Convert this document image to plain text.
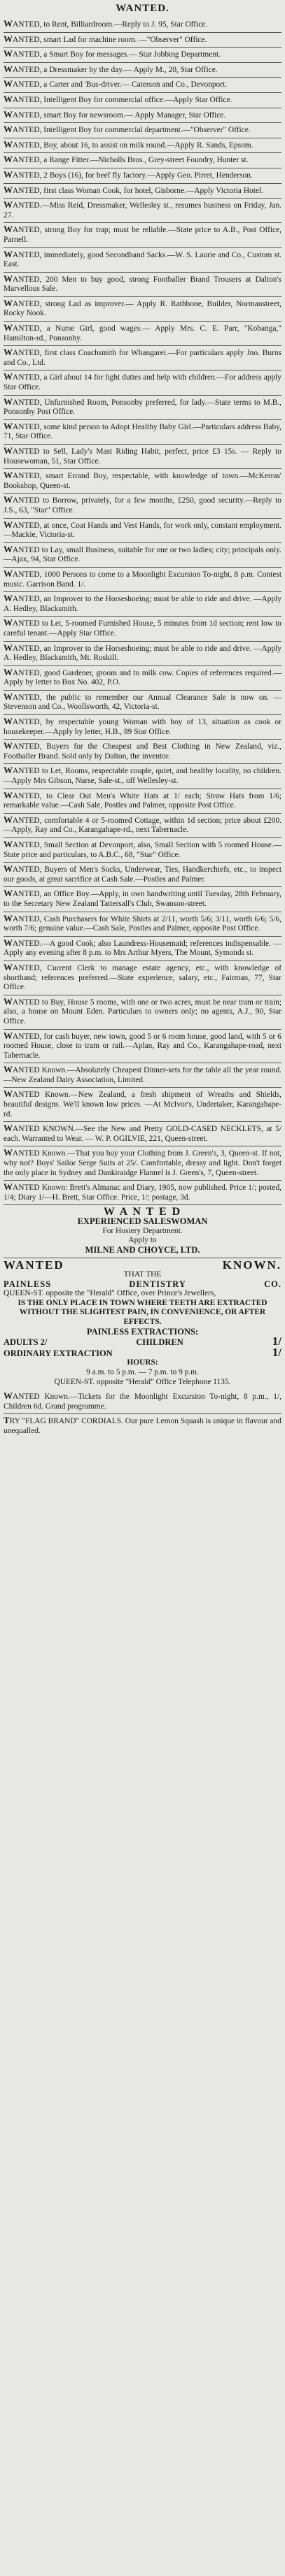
WANTED.
WANTED, to Rent, Billiardroom.—Reply to J. 95, Star Office.
WANTED, smart Lad for machine room. —"Observer" Office.
WANTED, a Smart Boy for messages.— Star Jobbing Department.
WANTED, a Dressmaker by the day.— Apply M., 20, Star Office.
WANTED, a Carter and 'Bus-driver.— Caterson and Co., Devonport.
WANTED, Intelligent Boy for commercial office.—Apply Star Office.
WANTED, smart Boy for newsroom.— Apply Manager, Star Office.
WANTED, Intelligent Boy for commercial department.—"Observer" Office.
WANTED, Boy, about 16, to assist on milk round.—Apply R. Sands, Epsom.
WANTED, a Range Fitter.—Nicholls Bros., Grey-street Foundry, Hunter st.
WANTED, 2 Boys (16), for beef fly factory.—Apply Geo. Pirret, Henderson.
WANTED, first class Woman Cook, for hotel, Gisborne.—Apply Victoria Hotel.
WANTED.—Miss Reid, Dressmaker, Wellesley st., resumes business on Friday, Jan. 27.
WANTED, strong Boy for trap; must be reliable.—State price to A.B., Post Office, Parnell.
WANTED, immediately, good Secondhand Sacks.—W. S. Laurie and Co., Custom st. East.
WANTED, 200 Men to buy good, strong Footballer Brand Trousers at Dalton's Marvellous Sale.
WANTED, strong Lad as improver.— Apply R. Rathbone, Builder, Normanstreet, Rocky Nook.
WANTED, a Nurse Girl, good wages.— Apply Mrs. C. E. Parr, "Kobanga," Hamilton-rd., Ponsonby.
WANTED, first class Coachsmith for Whangarei.—For particulars apply Jno. Burns and Co., Ltd.
WANTED, a Girl about 14 for light duties and help with children.—For address apply Star Office.
WANTED, Unfurnished Room, Ponsonby preferred, for lady.—State terms to M.B., Ponsonby Post Office.
WANTED, some kind person to Adopt Healthy Baby Girl.—Particulars address Baby, 71, Star Office.
WANTED to Sell, Lady's Mast Riding Habit, perfect, price £3 15s. — Reply to Housewoman, 51, Star Office.
WANTED, smart Errand Boy, respectable, with knowledge of town.—McKerras' Bookshop, Queen-st.
WANTED to Borrow, privately, for a few months, £250, good security.—Reply to J.S., 63, "Star" Office.
WANTED, at once, Coat Hands and Vest Hands, for work only, constant employment.—Mackie, Victoria-st.
WANTED to Lay, small Business, suitable for one or two ladies; city; principals only.—Ajax, 94, Star Office.
WANTED, 1000 Persons to come to a Moonlight Excursion To-night, 8 p.m. Contest music. Garrison Band. 1/.
WANTED, an Improver to the Horseshoeing; must be able to ride and drive. —Apply A. Hedley, Blacksmith.
WANTED to Let, 5-roomed Furnished House, 5 minutes from 1d section; rent low to careful tenant.—Apply Star Office.
WANTED, an Improver to the Horseshoeing; must be able to ride and drive. —Apply A. Hedley, Blacksmith, Mt. Roskill.
WANTED, good Gardener, groom and to milk cow. Copies of references required.—Apply by letter to Box No. 402, P.O.
WANTED, the public to remember our Annual Clearance Sale is now on. —Stevenson and Co., Woollsworth, 42, Victoria-st.
WANTED, by respectable young Woman with boy of 13, situation as cook or housekeeper.—Apply by letter, H.B., 89 Star Office.
WANTED, Buyers for the Cheapest and Best Clothing in New Zealand, viz., Footballer Brand. Sold only by Dalton, the inventor.
WANTED to Let, Rooms, respectable couple, quiet, and healthy locality, no children.—Apply Mrs Gibson, Nurse, Sale-st., off Wellesley-st.
WANTED, to Clear Out Men's White Hats at 1/ each; Straw Hats from 1/6; remarkable value.—Cash Sale, Postles and Palmer, opposite Post Office.
WANTED, comfortable 4 or 5-roomed Cottage, within 1d section; price about £200.—Apply, Ray and Co., Karangahape-rd., next Tabernacle.
WANTED, Small Section at Devonport, also, Small Section with 5 roomed House.—State price and particulars, to A.B.C., 68, "Star" Office.
WANTED, Buyers of Men's Socks, Underwear, Ties, Handkerchiefs, etc., to inspect our goods, at great sacrifice at Cash Sale.—Postles and Palmer.
WANTED, an Office Boy.—Apply, in own handwriting until Tuesday, 28th February, to the Secretary New Zealand Tattersall's Club, Swanson-street.
WANTED, Cash Purchasers for White Shirts at 2/11, worth 5/6; 3/11, worth 6/6; 5/6, worth 7/6; genuine value.—Cash Sale, Postles and Palmer, opposite Post Office.
WANTED.—A good Cook; also Laundress-Housemaid; references indispensable. —Apply any evening after 8 p.m. to Mrs Arthur Myers, The Mount, Symonds st.
WANTED, Current Clerk to manage estate agency, etc., with knowledge of shorthand; references preferred.—State experience, salary, etc., Fairman, 77, Star Office.
WANTED to Buy, House 5 rooms, with one or two acres, must be near tram or train; also, a house on Mount Eden. Particulars to owners only; no agents, A.J., 90, Star Office.
WANTED, for cash buyer, new town, good 5 or 6 room house, good land, with 5 or 6 roomed House, close to tram or rail.—Aplan, Ray and Co., Karangahape-road, next Tabernacle.
WANTED Known.—Absolutely Cheapest Dinner-sets for the table all the year round.—New Zealand Dairy Association, Limited.
WANTED Known.—New Zealand, a fresh shipment of Wreaths and Shields, beautiful designs. We'll known low prices. —At McIvor's, Undertaker, Karangahape-rd.
WANTED KNOWN.—See the New and Pretty GOLD-CASED NECKLETS, at 5/ each. Warranted to Wear. — W. P. OGILVIE, 221, Queen-street.
WANTED Known.—That you buy your Clothing from J. Green's, 3, Queen-st. If not, why not? Boys' Sailor Serge Suits at 25/. Comfortable, dressy and light. Don't forget the only place in Sydney and Dankiraidge Flannel is J. Green's, 7, Queen-street.
WANTED Known: Brett's Almanac and Diary, 1905, now published. Price 1/; posted, 1/4; Diary 1/—H. Brett, Star Office. Price, 1/; postage, 3d.
W A N T E D
EXPERIENCED SALESWOMAN
For Hosiery Department.
Apply to
MILNE AND CHOYCE, LTD.
WANTED	KNOWN.
THAT THE
PAINLESS	DENTISTRY	CO.
QUEEN-ST. opposite the "Herald" Office, over Prince's Jewellers,
IS THE ONLY PLACE IN TOWN WHERE TEETH ARE EXTRACTED WITHOUT THE SLIGHTEST PAIN, IN CONVENIENCE, OR AFTER EFFECTS.
PAINLESS EXTRACTIONS:
ADULTS 2/	CHILDREN	1/
ORDINARY EXTRACTION	1/
HOURS:
9 a.m. to 5 p.m. — 7 p.m. to 9 p.m.
QUEEN-ST. opposite "Herald" Office Telephone 1135.
WANTED Known.—Tickets for the Moonlight Excursion To-night, 8 p.m., 1/, Children 6d. Grand programme.
TRY "FLAG BRAND" CORDIALS. Our pure Lemon Squash is unique in flavour and unequalled.
